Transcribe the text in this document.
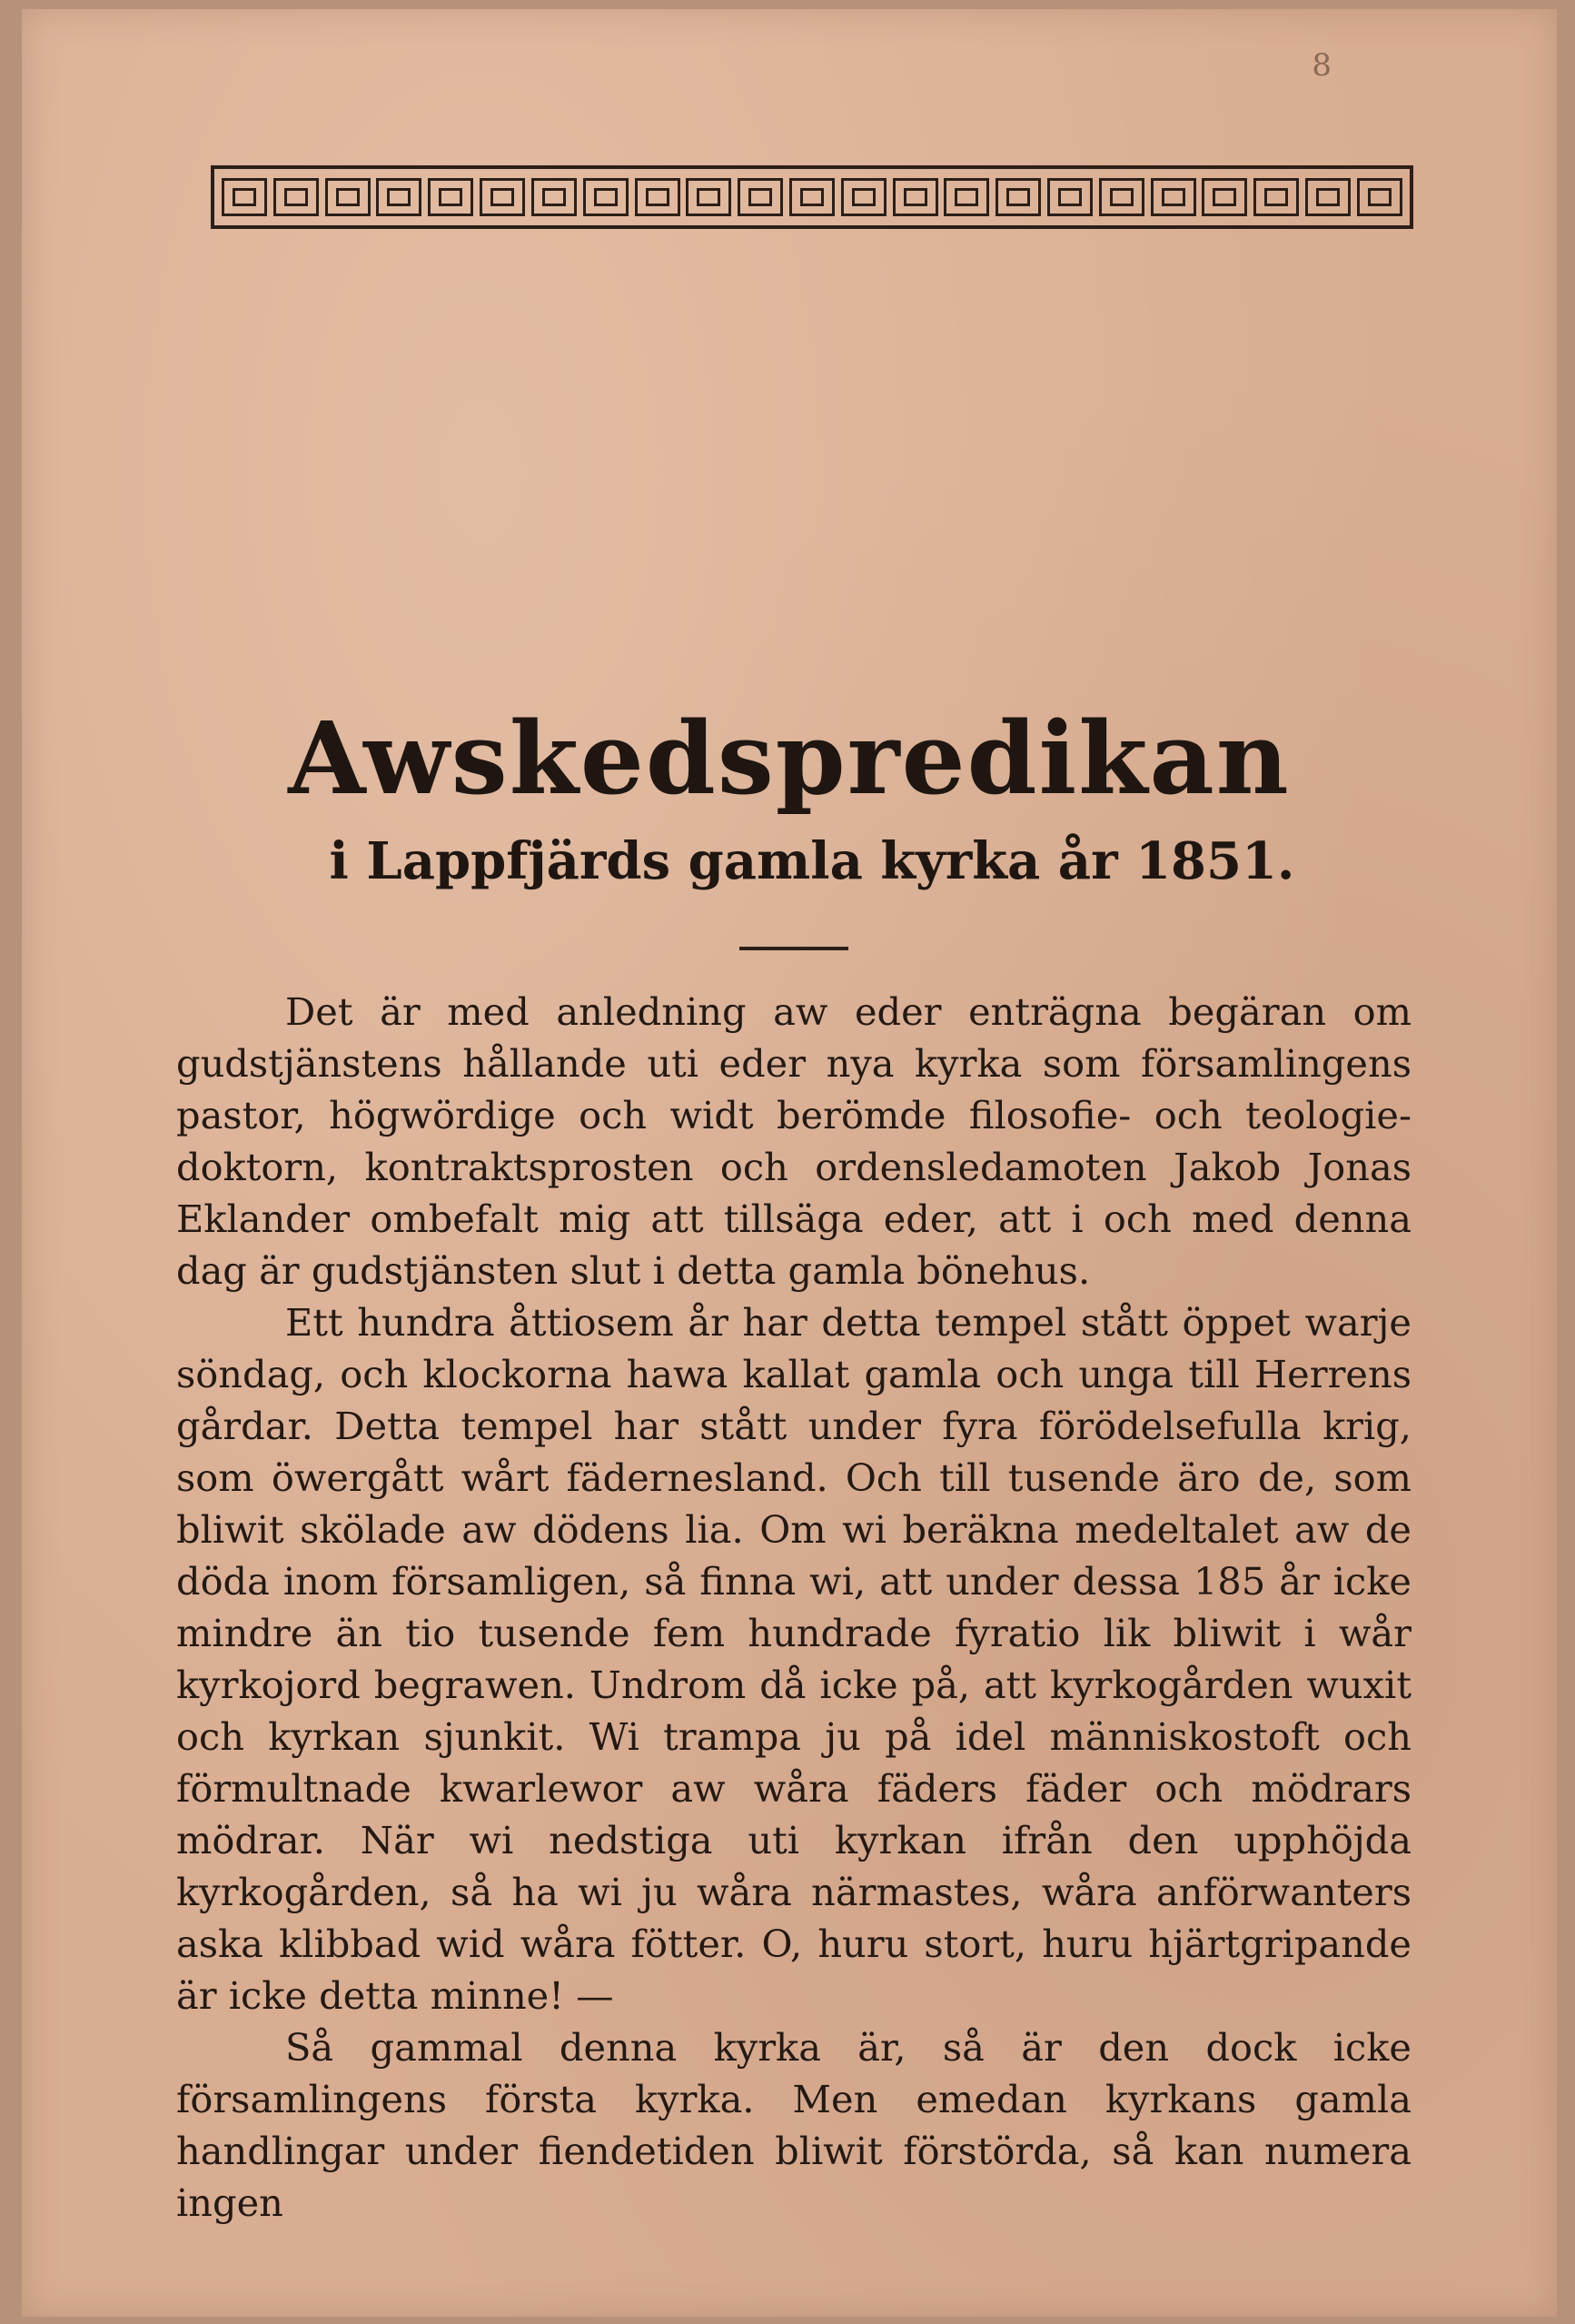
8
Awskedspredikan
i Lappfjärds gamla kyrka år 1851.

Det är med anledning aw eder enträgna begäran om gudstjänstens hållande uti eder nya kyrka som församlingens pastor, högwördige och widt berömde filosofie- och teologie-doktorn, kontraktsprosten och ordensledamoten Jakob Jonas Eklander ombefalt mig att tillsäga eder, att i och med denna dag är gudstjänsten slut i detta gamla bönehus.

Ett hundra åttiosem år har detta tempel stått öppet warje söndag, och klockorna hawa kallat gamla och unga till Herrens gårdar. Detta tempel har stått under fyra förödelsefulla krig, som öwergått wårt fädernesland. Och till tusende äro de, som bliwit skölade aw dödens lia. Om wi beräkna medeltalet aw de döda inom församligen, så finna wi, att under dessa 185 år icke mindre än tio tusende fem hundrade fyratio lik bliwit i wår kyrkojord begrawen. Undrom då icke på, att kyrkogården wuxit och kyrkan sjunkit. Wi trampa ju på idel människostoft och förmultnade kwarlewor aw wåra fäders fäder och mödrars mödrar. När wi nedstiga uti kyrkan ifrån den upphöjda kyrkogården, så ha wi ju wåra närmastes, wåra anförwanters aska klibbad wid wåra fötter. O, huru stort, huru hjärtgripande är icke detta minne! —

Så gammal denna kyrka är, så är den dock icke församlingens första kyrka. Men emedan kyrkans gamla handlingar under fiendetiden bliwit förstörda, så kan numera ingen
